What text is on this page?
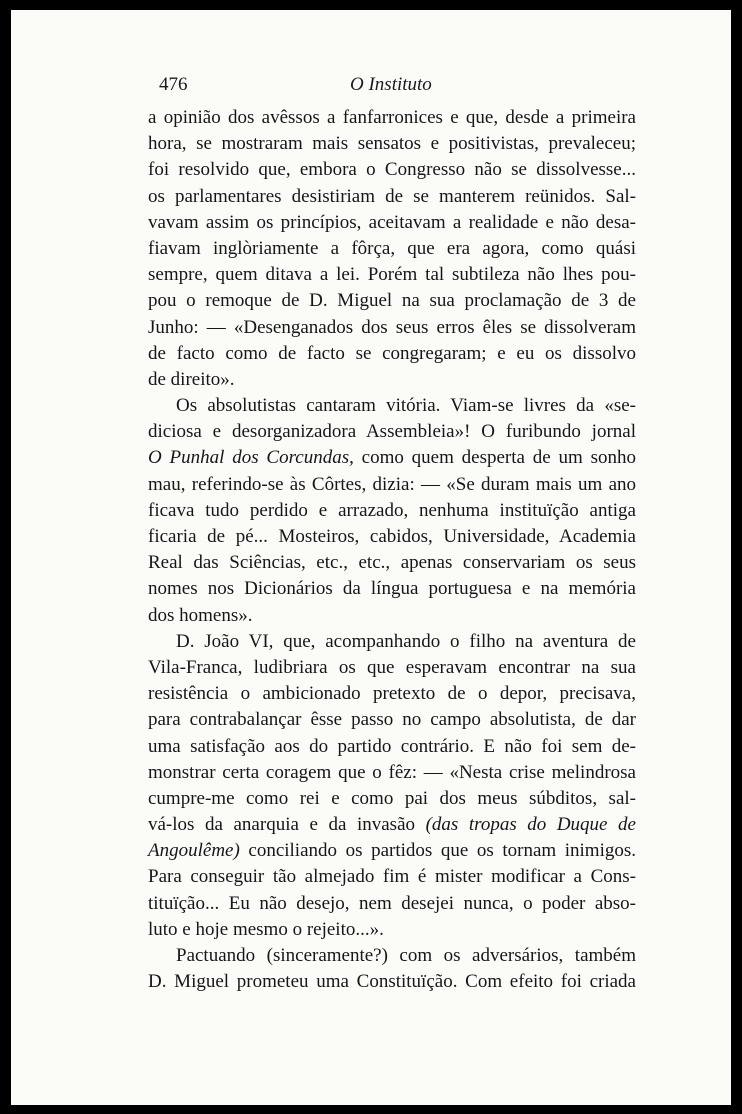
476	O Instituto
a opinião dos avêssos a fanfarronices e que, desde a primeira
hora, se mostraram mais sensatos e positivistas, prevaleceu;
foi resolvido que, embora o Congresso não se dissolvesse...
os parlamentares desistiriam de se manterem reünidos. Sal-
vavam assim os princípios, aceitavam a realidade e não desa-
fiavam inglòriamente a fôrça, que era agora, como quási
sempre, quem ditava a lei. Porém tal subtileza não lhes pou-
pou o remoque de D. Miguel na sua proclamação de 3 de
Junho: — «Desenganados dos seus erros êles se dissolveram
de facto como de facto se congregaram; e eu os dissolvo
de direito».
Os absolutistas cantaram vitória. Viam-se livres da «se-
diciosa e desorganizadora Assembleia»! O furibundo jornal
O Punhal dos Corcundas, como quem desperta de um sonho
mau, referindo-se às Côrtes, dizia: — «Se duram mais um ano
ficava tudo perdido e arrazado, nenhuma instituïção antiga
ficaria de pé... Mosteiros, cabidos, Universidade, Academia
Real das Sciências, etc., etc., apenas conservariam os seus
nomes nos Dicionários da língua portuguesa e na memória
dos homens».
D. João VI, que, acompanhando o filho na aventura de
Vila-Franca, ludibriara os que esperavam encontrar na sua
resistência o ambicionado pretexto de o depor, precisava,
para contrabalançar êsse passo no campo absolutista, de dar
uma satisfação aos do partido contrário. E não foi sem de-
monstrar certa coragem que o fêz: — «Nesta crise melindrosa
cumpre-me como rei e como pai dos meus súbditos, sal-
vá-los da anarquia e da invasão (das tropas do Duque de
Angoulême) conciliando os partidos que os tornam inimigos.
Para conseguir tão almejado fim é mister modificar a Cons-
tituïção... Eu não desejo, nem desejei nunca, o poder abso-
luto e hoje mesmo o rejeito...».
Pactuando (sinceramente?) com os adversários, também
D. Miguel prometeu uma Constituïção. Com efeito foi criada
